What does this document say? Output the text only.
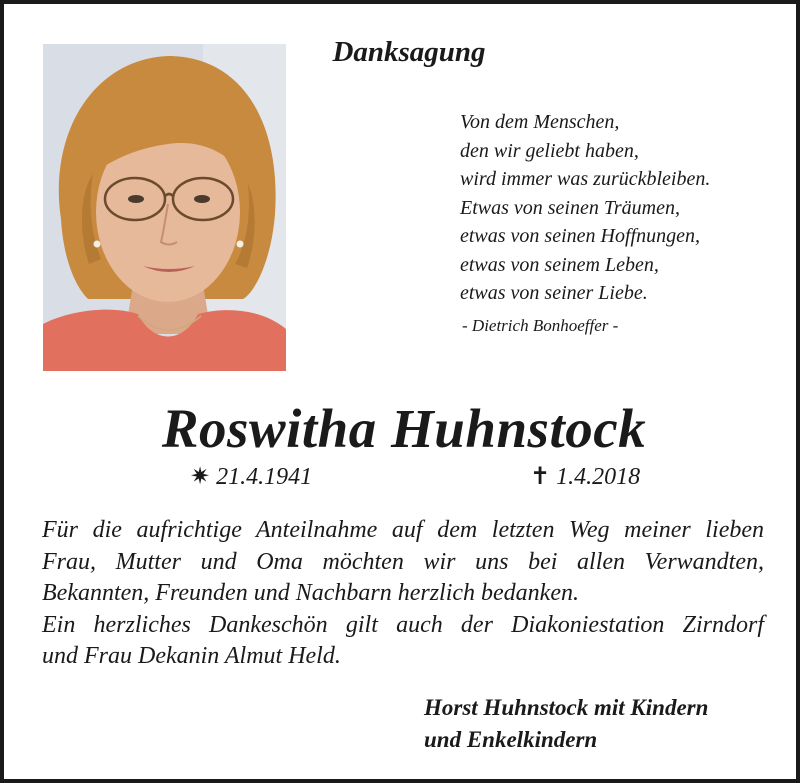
Danksagung
Von dem Menschen,
den wir geliebt haben,
wird immer was zurückbleiben.
Etwas von seinen Träumen,
etwas von seinen Hoffnungen,
etwas von seinem Leben,
etwas von seiner Liebe.
- Dietrich Bonhoeffer -
Roswitha Huhnstock
✷ 21.4.1941	✝ 1.4.2018
Für die aufrichtige Anteilnahme auf dem letzten Weg meiner lieben
Frau, Mutter und Oma möchten wir uns bei allen Verwandten,
Bekannten, Freunden und Nachbarn herzlich bedanken.
Ein herzliches Dankeschön gilt auch der Diakoniestation Zirndorf
und Frau Dekanin Almut Held.
Horst Huhnstock mit Kindern
und Enkelkindern
